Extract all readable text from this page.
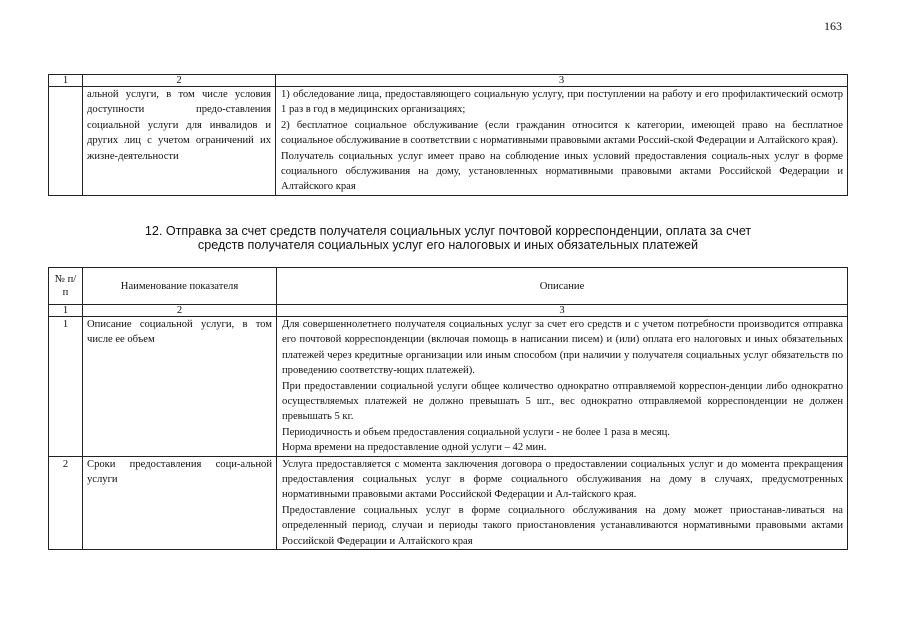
163
1	2	3
	альной услуги, в том числе условия доступности предо-ставления социальной услуги для инвалидов и других лиц с учетом ограничений их жизне-деятельности	1) обследование лица, предоставляющего социальную услугу, при поступлении на работу и его профилактический осмотр 1 раз в год в медицинских организациях;
2) бесплатное социальное обслуживание (если гражданин относится к категории, имеющей право на бесплатное социальное обслуживание в соответствии с нормативными правовыми актами Россий-ской Федерации и Алтайского края).
Получатель социальных услуг имеет право на соблюдение иных условий предоставления социаль-ных услуг в форме социального обслуживания на дому, установленных нормативными правовыми актами Российской Федерации и Алтайского края
12. Отправка за счет средств получателя социальных услуг почтовой корреспонденции, оплата за счет
средств получателя социальных услуг его налоговых и иных обязательных платежей
№ п/п	Наименование показателя	Описание
1	2	3
1	Описание социальной услуги, в том числе ее объем	Для совершеннолетнего получателя социальных услуг за счет его средств и с учетом потребности производится отправка его почтовой корреспонденции (включая помощь в написании писем) и (или) оплата его налоговых и иных обязательных платежей через кредитные организации или иным способом (при наличии у получателя социальных услуг обязательств по проведению соответству-ющих платежей).

При предоставлении социальной услуги общее количество однократно отправляемой корреспон-денции либо однократно осуществляемых платежей не должно превышать 5 шт., вес однократно отправляемой корреспонденции не должен превышать 5 кг.

Периодичность и объем предоставления социальной услуги - не более 1 раза в месяц.

Норма времени на предоставление одной услуги – 42 мин.

2	Сроки предоставления соци-альной услуги	Услуга предоставляется с момента заключения договора о предоставлении социальных услуг и до момента прекращения предоставления социальных услуг в форме социального обслуживания на дому в случаях, предусмотренных нормативными правовыми актами Российской Федерации и Ал-тайского края.

Предоставление социальных услуг в форме социального обслуживания на дому может приостанав-ливаться на определенный период, случаи и периоды такого приостановления устанавливаются нормативными правовыми актами Российской Федерации и Алтайского края
